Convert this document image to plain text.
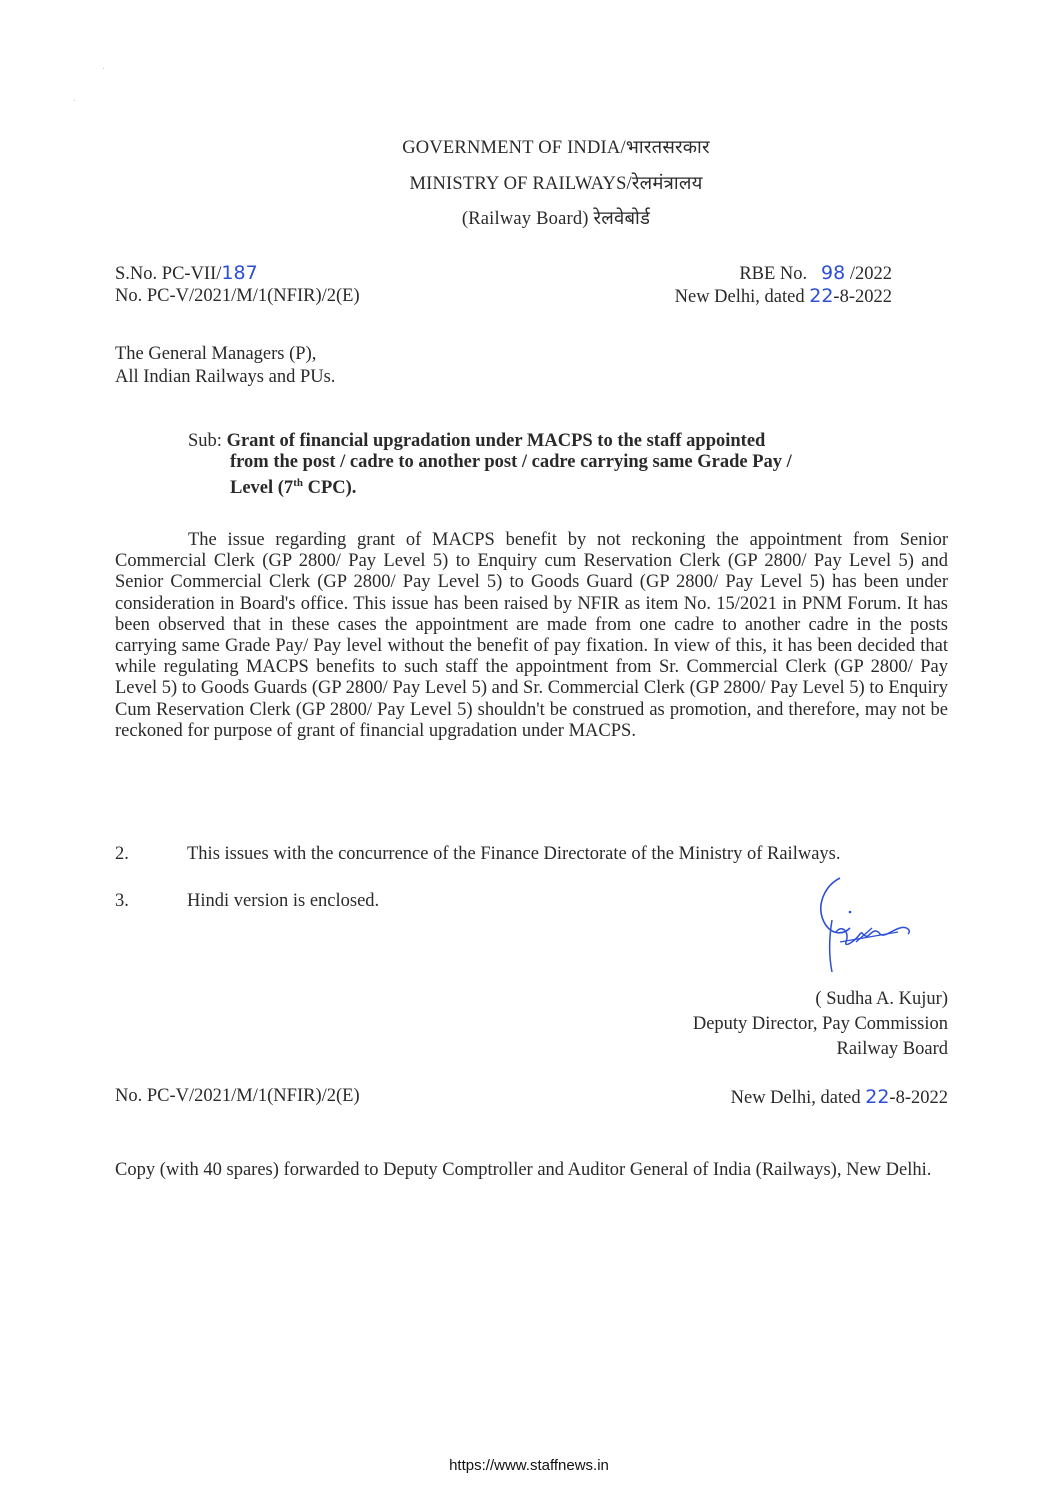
·
·
GOVERNMENT OF INDIA/भारतसरकार
MINISTRY OF RAILWAYS/रेलमंत्रालय
(Railway Board) रेलवेबोर्ड
S.No. PC-VII/187
No. PC-V/2021/M/1(NFIR)/2(E)
RBE No. 98 /2022
New Delhi, dated 22-8-2022
The General Managers (P),
All Indian Railways and PUs.
Sub: Grant of financial upgradation under MACPS to the staff appointed
from the post / cadre to another post / cadre carrying same Grade Pay /
Level (7th CPC).
The issue regarding grant of MACPS benefit by not reckoning the appointment from Senior Commercial Clerk (GP 2800/ Pay Level 5) to Enquiry cum Reservation Clerk (GP 2800/ Pay Level 5) and Senior Commercial Clerk (GP 2800/ Pay Level 5) to Goods Guard (GP 2800/ Pay Level 5) has been under consideration in Board's office. This issue has been raised by NFIR as item No. 15/2021 in PNM Forum. It has been observed that in these cases the appointment are made from one cadre to another cadre in the posts carrying same Grade Pay/ Pay level without the benefit of pay fixation. In view of this, it has been decided that while regulating MACPS benefits to such staff the appointment from Sr. Commercial Clerk (GP 2800/ Pay Level 5) to Goods Guards (GP 2800/ Pay Level 5) and Sr. Commercial Clerk (GP 2800/ Pay Level 5) to Enquiry Cum Reservation Clerk (GP 2800/ Pay Level 5) shouldn't be construed as promotion, and therefore, may not be reckoned for purpose of grant of financial upgradation under MACPS.
2.	This issues with the concurrence of the Finance Directorate of the Ministry of Railways.
3.	Hindi version is enclosed.
( Sudha A. Kujur)
Deputy Director, Pay Commission
Railway Board
No. PC-V/2021/M/1(NFIR)/2(E)	New Delhi, dated 22-8-2022
Copy (with 40 spares) forwarded to Deputy Comptroller and Auditor General of India (Railways), New Delhi.
https://www.staffnews.in
